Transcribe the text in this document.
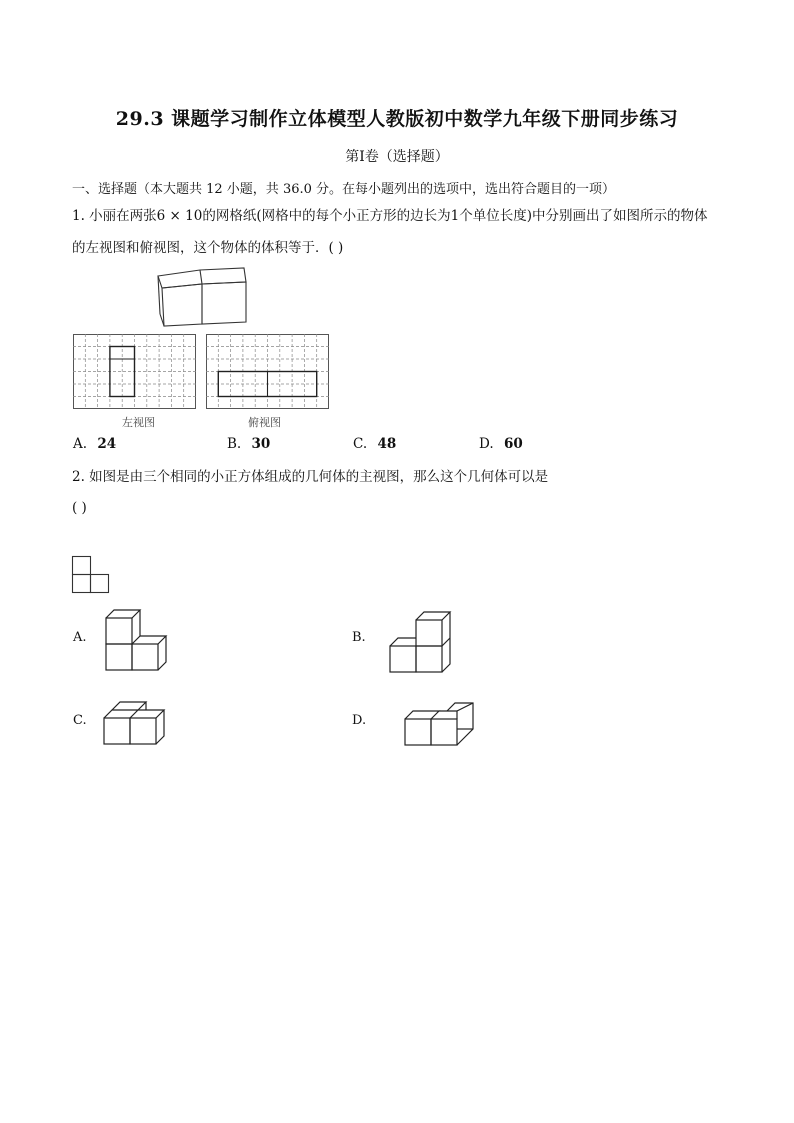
29.3 课题学习制作立体模型人教版初中数学九年级下册同步练习
第I卷（选择题）
一、选择题（本大题共 12 小题，共 36.0 分。在每小题列出的选项中，选出符合题目的一项）
1. 小丽在两张6 × 10的网格纸(网格中的每个小正方形的边长为1个单位长度)中分别画出了如图所示的物体
的左视图和俯视图，这个物体的体积等于．( )
左视图	俯视图
A. 24	B. 30	C. 48	D. 60
2. 如图是由三个相同的小正方体组成的几何体的主视图，那么这个几何体可以是
( )
A.	B.
C.	D.
